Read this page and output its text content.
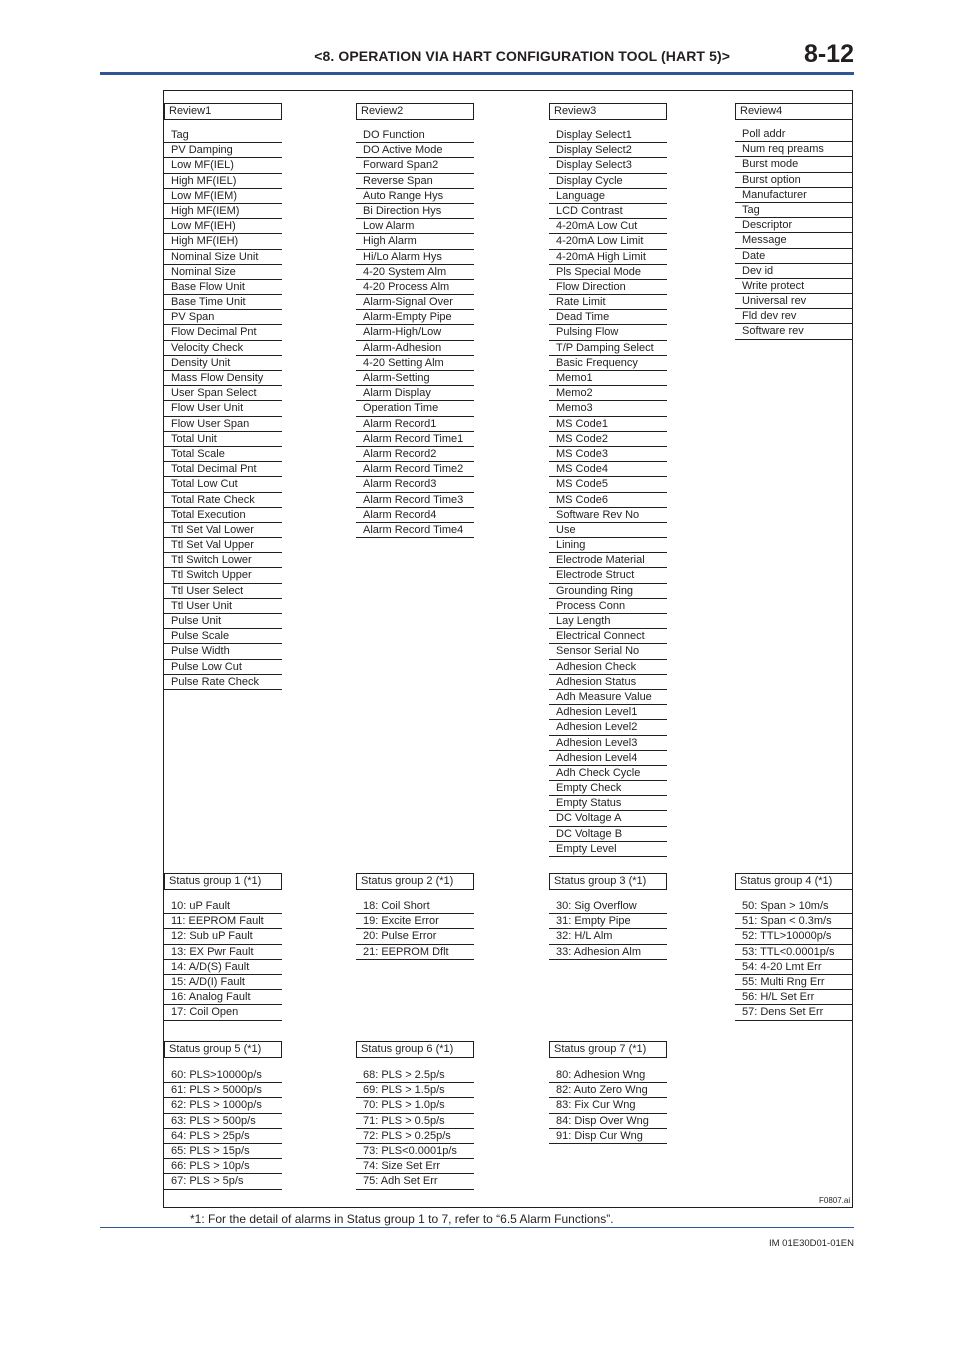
<8. OPERATION VIA HART CONFIGURATION TOOL (HART 5)>	8-12
Review1
Tag
PV Damping
Low MF(IEL)
High MF(IEL)
Low MF(IEM)
High MF(IEM)
Low MF(IEH)
High MF(IEH)
Nominal Size Unit
Nominal Size
Base Flow Unit
Base Time Unit
PV Span
Flow Decimal Pnt
Velocity Check
Density Unit
Mass Flow Density
User Span Select
Flow User Unit
Flow User Span
Total Unit
Total Scale
Total Decimal Pnt
Total Low Cut
Total Rate Check
Total Execution
Ttl Set Val Lower
Ttl Set Val Upper
Ttl Switch Lower
Ttl Switch Upper
Ttl User Select
Ttl User Unit
Pulse Unit
Pulse Scale
Pulse Width
Pulse Low Cut
Pulse Rate Check
Review2
DO Function
DO Active Mode
Forward Span2
Reverse Span
Auto Range Hys
Bi Direction Hys
Low Alarm
High Alarm
Hi/Lo Alarm Hys
4-20 System Alm
4-20 Process Alm
Alarm-Signal Over
Alarm-Empty Pipe
Alarm-High/Low
Alarm-Adhesion
4-20 Setting Alm
Alarm-Setting
Alarm Display
Operation Time
Alarm Record1
Alarm Record Time1
Alarm Record2
Alarm Record Time2
Alarm Record3
Alarm Record Time3
Alarm Record4
Alarm Record Time4
Review3
Display Select1
Display Select2
Display Select3
Display Cycle
Language
LCD Contrast
4-20mA Low Cut
4-20mA Low Limit
4-20mA High Limit
Pls Special Mode
Flow Direction
Rate Limit
Dead Time
Pulsing Flow
T/P Damping Select
Basic Frequency
Memo1
Memo2
Memo3
MS Code1
MS Code2
MS Code3
MS Code4
MS Code5
MS Code6
Software Rev No
Use
Lining
Electrode Material
Electrode Struct
Grounding Ring
Process Conn
Lay Length
Electrical Connect
Sensor Serial No
Adhesion Check
Adhesion Status
Adh Measure Value
Adhesion Level1
Adhesion Level2
Adhesion Level3
Adhesion Level4
Adh Check Cycle
Empty Check
Empty Status
DC Voltage A
DC Voltage B
Empty Level
Review4
Poll addr
Num req preams
Burst mode
Burst option
Manufacturer
Tag
Descriptor
Message
Date
Dev id
Write protect
Universal rev
Fld dev rev
Software rev
Status group 1 (*1)
10: uP Fault
11: EEPROM Fault
12: Sub uP Fault
13: EX Pwr Fault
14: A/D(S) Fault
15: A/D(I) Fault
16: Analog Fault
17: Coil Open
Status group 2 (*1)
18: Coil Short
19: Excite Error
20: Pulse Error
21: EEPROM Dflt
Status group 3 (*1)
30: Sig Overflow
31: Empty Pipe
32: H/L Alm
33: Adhesion Alm
Status group 4 (*1)
50: Span > 10m/s
51: Span < 0.3m/s
52: TTL>10000p/s
53: TTL<0.0001p/s
54: 4-20 Lmt Err
55: Multi Rng Err
56: H/L Set Err
57: Dens Set Err
Status group 5 (*1)
60: PLS>10000p/s
61: PLS > 5000p/s
62: PLS > 1000p/s
63: PLS > 500p/s
64: PLS > 25p/s
65: PLS > 15p/s
66: PLS > 10p/s
67: PLS > 5p/s
Status group 6 (*1)
68: PLS > 2.5p/s
69: PLS > 1.5p/s
70: PLS > 1.0p/s
71: PLS > 0.5p/s
72: PLS > 0.25p/s
73: PLS<0.0001p/s
74: Size Set Err
75: Adh Set Err
Status group 7 (*1)
80: Adhesion Wng
82: Auto Zero Wng
83: Fix Cur Wng
84: Disp Over Wng
91: Disp Cur Wng
F0807.ai
*1: For the detail of alarms in Status group 1 to 7, refer to “6.5 Alarm Functions”.
IM 01E30D01-01EN
